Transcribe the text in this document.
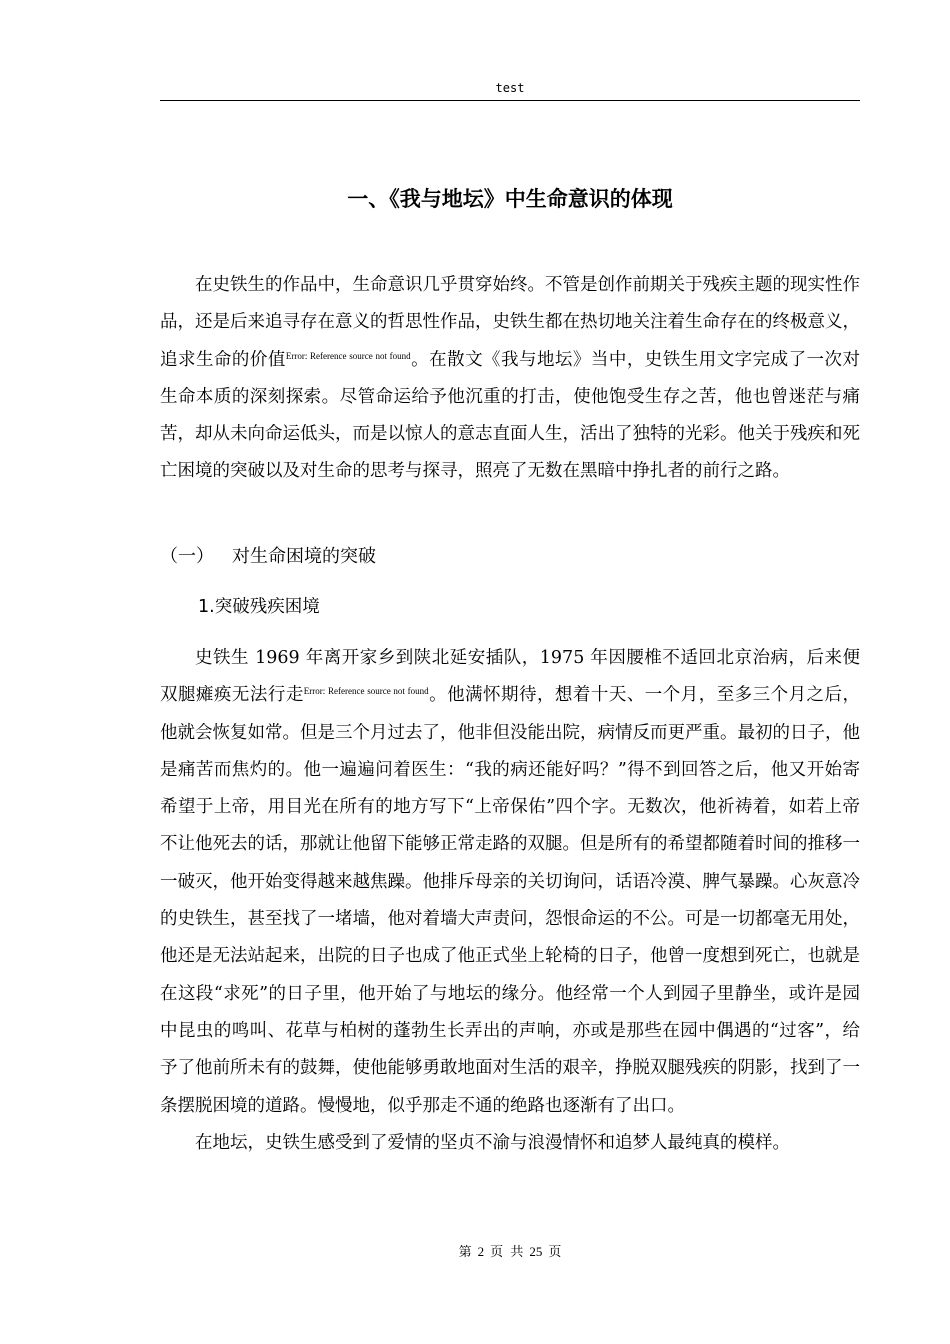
test
一、《我与地坛》中生命意识的体现

在史铁生的作品中，生命意识几乎贯穿始终。不管是创作前期关于残疾主题的现实性作品，还是后来追寻存在意义的哲思性作品，史铁生都在热切地关注着生命存在的终极意义，追求生命的价值$^{Error: Reference source not found}$。在散文《我与地坛》当中，史铁生用文字完成了一次对生命本质的深刻探索。尽管命运给予他沉重的打击，使他饱受生存之苦，他也曾迷茫与痛苦，却从未向命运低头，而是以惊人的意志直面人生，活出了独特的光彩。他关于残疾和死亡困境的突破以及对生命的思考与探寻，照亮了无数在黑暗中挣扎者的前行之路。

（一） 对生命困境的突破
1.突破残疾困境

史铁生 1969 年离开家乡到陕北延安插队，1975 年因腰椎不适回北京治病，后来便双腿瘫痪无法行走$^{Error: Reference source not found}$。他满怀期待，想着十天、一个月，至多三个月之后，他就会恢复如常。但是三个月过去了，他非但没能出院，病情反而更严重。最初的日子，他是痛苦而焦灼的。他一遍遍问着医生：“我的病还能好吗？”得不到回答之后，他又开始寄希望于上帝，用目光在所有的地方写下“上帝保佑”四个字。无数次，他祈祷着，如若上帝不让他死去的话，那就让他留下能够正常走路的双腿。但是所有的希望都随着时间的推移一一破灭，他开始变得越来越焦躁。他排斥母亲的关切询问，话语冷漠、脾气暴躁。心灰意冷的史铁生，甚至找了一堵墙，他对着墙大声责问，怨恨命运的不公。可是一切都毫无用处，他还是无法站起来，出院的日子也成了他正式坐上轮椅的日子，他曾一度想到死亡，也就是在这段“求死”的日子里，他开始了与地坛的缘分。他经常一个人到园子里静坐，或许是园中昆虫的鸣叫、花草与柏树的蓬勃生长弄出的声响，亦或是那些在园中偶遇的“过客”，给予了他前所未有的鼓舞，使他能够勇敢地面对生活的艰辛，挣脱双腿残疾的阴影，找到了一条摆脱困境的道路。慢慢地，似乎那走不通的绝路也逐渐有了出口。

在地坛，史铁生感受到了爱情的坚贞不渝与浪漫情怀和追梦人最纯真的模样。

第 2 页 共 25 页
